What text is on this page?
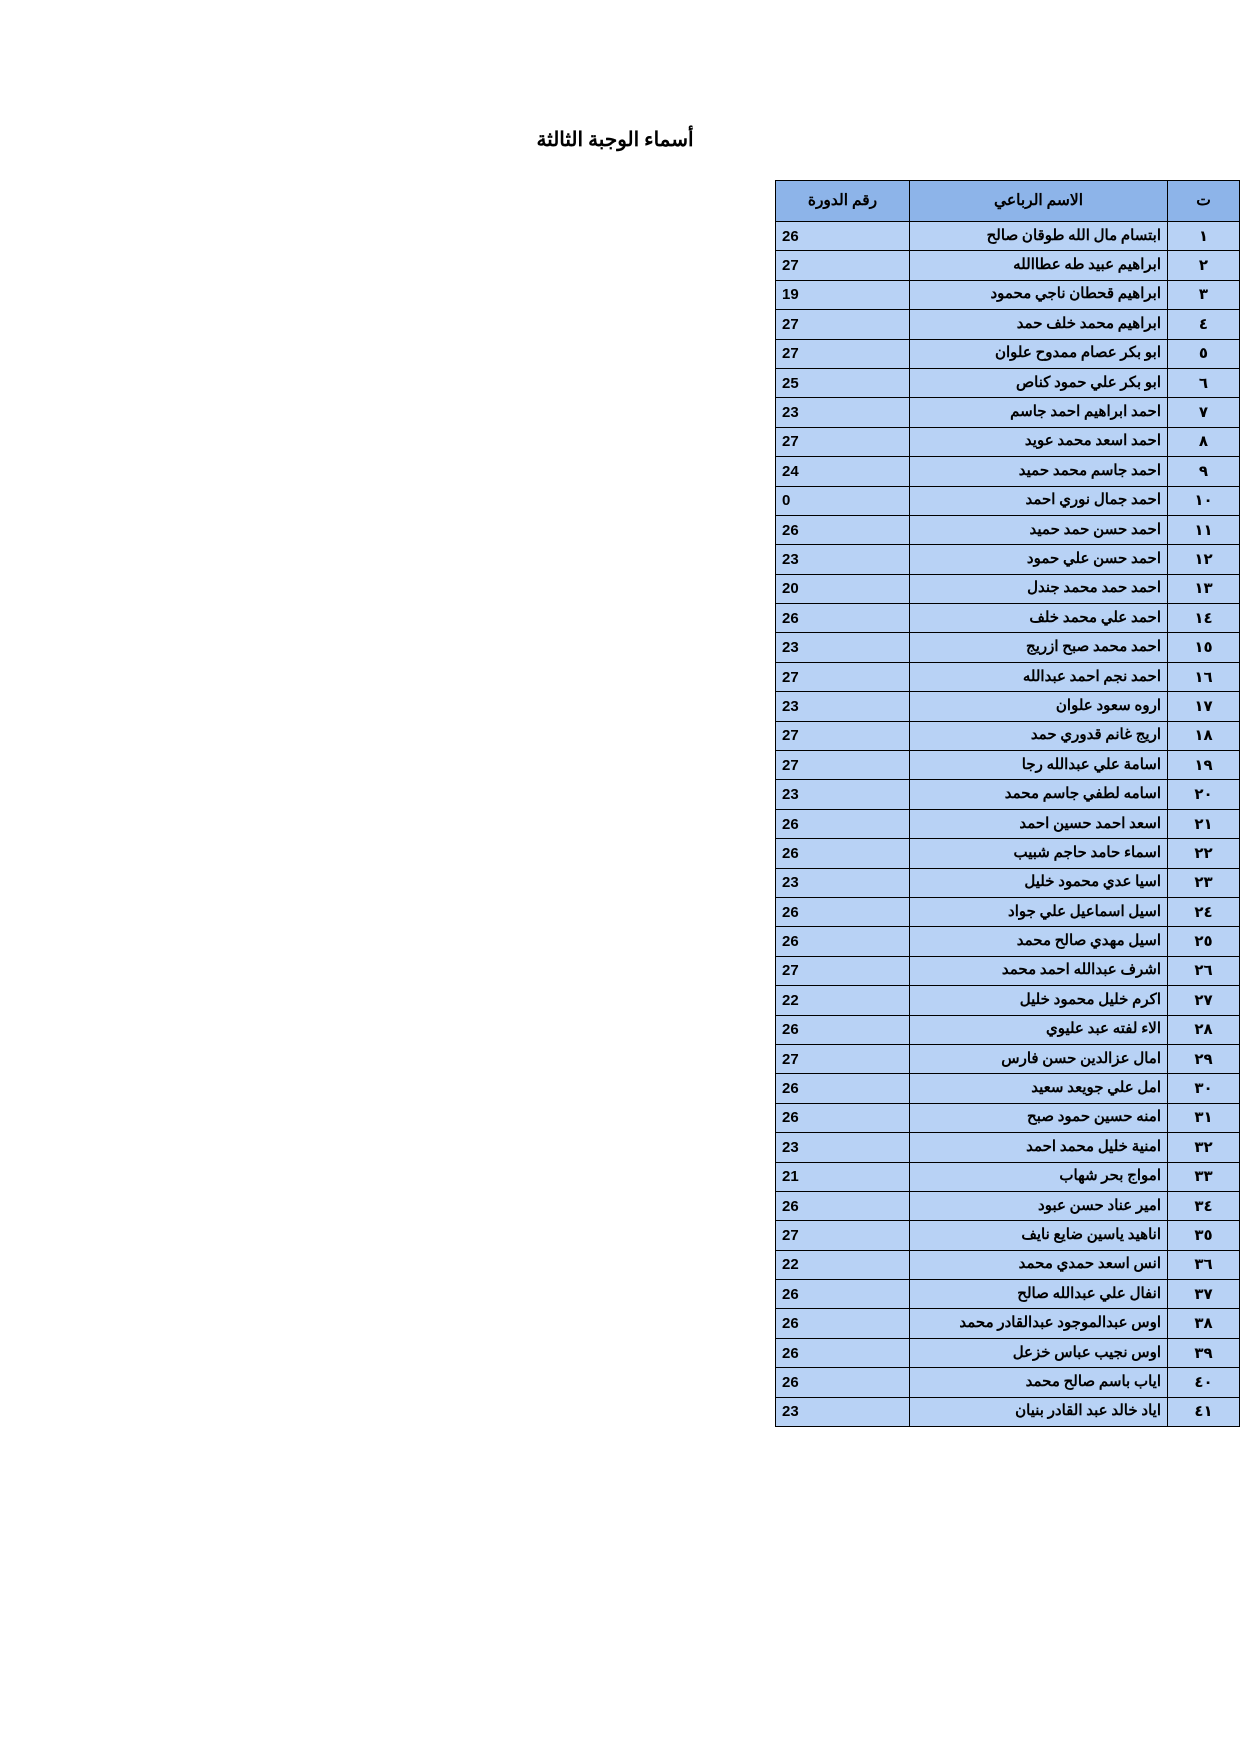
أسماء الوجبة الثالثة
ت	الاسم الرباعي	رقم الدورة
١	ابتسام مال الله طوقان صالح	26
٢	ابراهيم عبيد طه عطاالله	27
٣	ابراهيم قحطان ناجي محمود	19
٤	ابراهيم محمد خلف حمد	27
٥	ابو بكر عصام ممدوح علوان	27
٦	ابو بكر علي حمود كناص	25
٧	احمد ابراهيم احمد جاسم	23
٨	احمد اسعد محمد عويد	27
٩	احمد جاسم محمد حميد	24
١٠	احمد جمال نوري احمد	0
١١	احمد حسن حمد حميد	26
١٢	احمد حسن علي حمود	23
١٣	احمد حمد محمد جندل	20
١٤	احمد علي محمد خلف	26
١٥	احمد محمد صبح ازريج	23
١٦	احمد نجم احمد عبدالله	27
١٧	اروه سعود علوان	23
١٨	اريج غانم قدوري حمد	27
١٩	اسامة علي عبدالله رجا	27
٢٠	اسامه لطفي جاسم محمد	23
٢١	اسعد احمد حسين احمد	26
٢٢	اسماء حامد حاجم شبيب	26
٢٣	اسيا عدي محمود خليل	23
٢٤	اسيل اسماعيل علي جواد	26
٢٥	اسيل مهدي صالح محمد	26
٢٦	اشرف عبدالله احمد محمد	27
٢٧	اكرم خليل محمود خليل	22
٢٨	الاء لفته عبد عليوي	26
٢٩	امال عزالدين حسن فارس	27
٣٠	امل علي جويعد سعيد	26
٣١	امنه حسين حمود صبح	26
٣٢	امنية خليل محمد احمد	23
٣٣	امواج بحر شهاب	21
٣٤	امير عناد حسن عبود	26
٣٥	اناهيد ياسين ضايع نايف	27
٣٦	انس اسعد حمدي محمد	22
٣٧	انفال علي عبدالله صالح	26
٣٨	اوس عبدالموجود عبدالقادر محمد	26
٣٩	اوس نجيب عباس خزعل	26
٤٠	اياب باسم صالح محمد	26
٤١	اياد خالد عبد القادر بنيان	23
